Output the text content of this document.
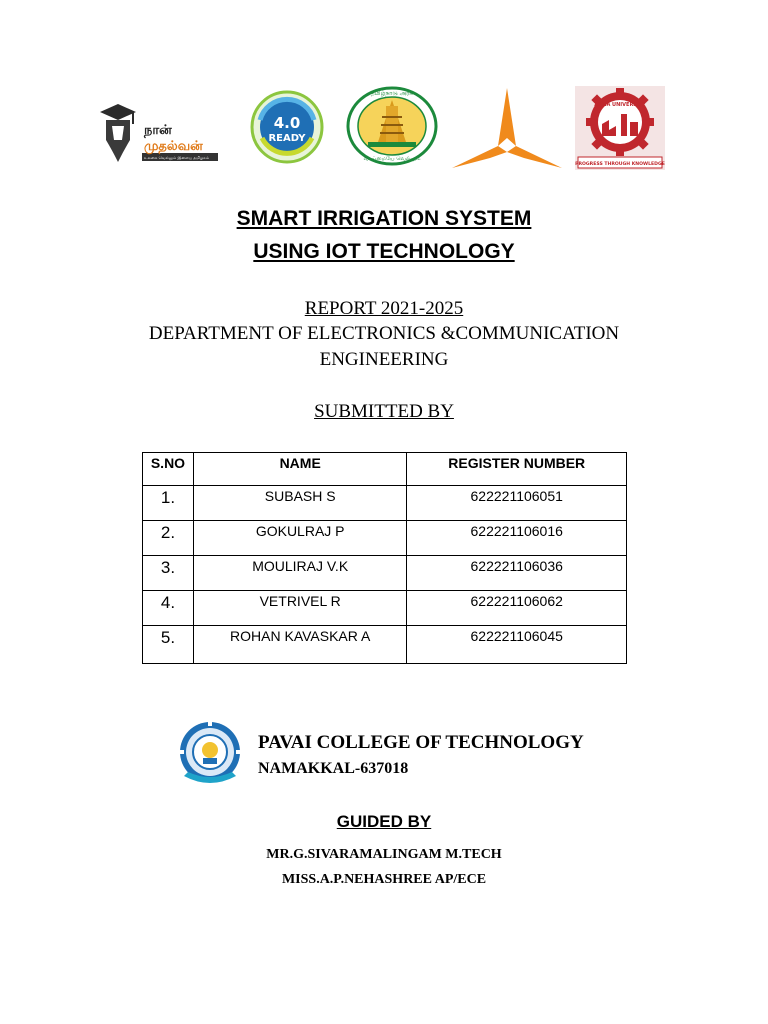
நான்
முதல்வன்
உலகை வெல்லும் இளைய தமிழகம்
4.0
READY
தமிழ்நாடு அரசு
வாய்மையே வெல்லும்	TIDCO
ANNA UNIVERSITY
PROGRESS THROUGH KNOWLEDGE
SMART IRRIGATION SYSTEM
USING IOT TECHNOLOGY
REPORT 2021-2025
DEPARTMENT OF ELECTRONICS &COMMUNICATION
ENGINEERING
SUBMITTED BY
S.NO	NAME	REGISTER NUMBER
1.	SUBASH S	622221106051
2.	GOKULRAJ P	622221106016
3.	MOULIRAJ V.K	622221106036
4.	VETRIVEL R	622221106062
5.	ROHAN KAVASKAR A	622221106045
PAVAI COLLEGE OF TECHNOLOGY
NAMAKKAL-637018
GUIDED BY
MR.G.SIVARAMALINGAM M.TECH
MISS.A.P.NEHASHREE AP/ECE
